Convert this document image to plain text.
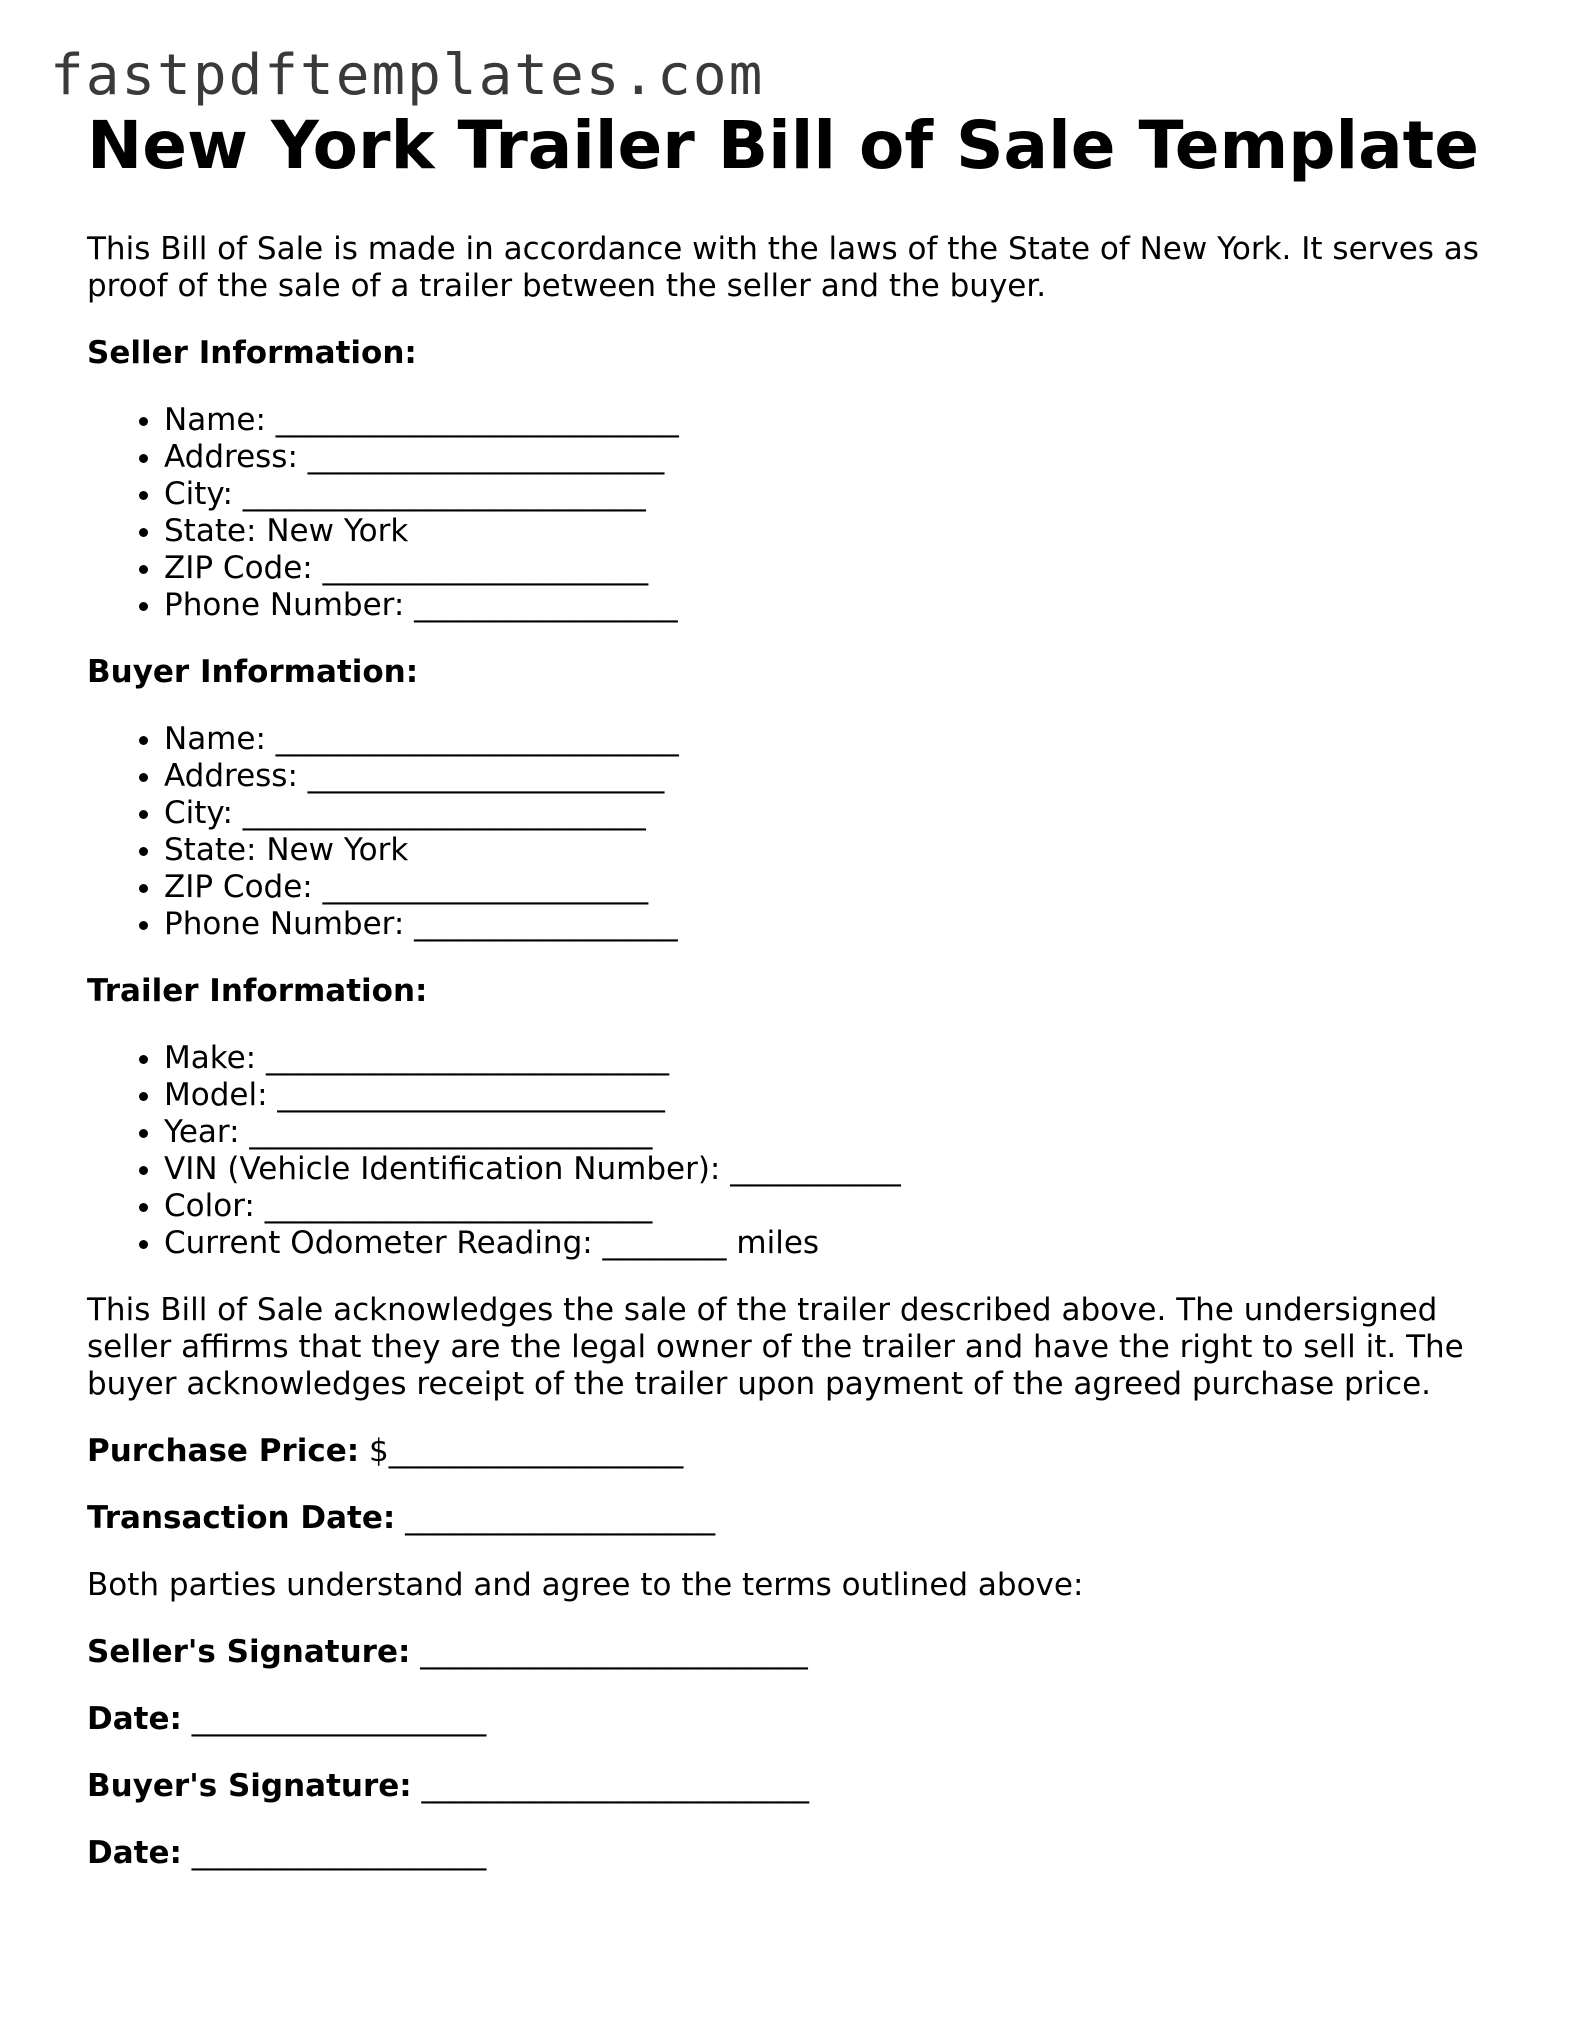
fastpdftemplates.com
New York Trailer Bill of Sale Template

This Bill of Sale is made in accordance with the laws of the State of New York. It serves as proof of the sale of a trailer between the seller and the buyer.

Seller Information:
• Name: __________________________
• Address: _______________________
• City: __________________________
• State: New York
• ZIP Code: _____________________
• Phone Number: _________________
Buyer Information:
• Name: __________________________
• Address: _______________________
• City: __________________________
• State: New York
• ZIP Code: _____________________
• Phone Number: _________________
Trailer Information:
• Make: __________________________
• Model: _________________________
• Year: __________________________
• VIN (Vehicle Identification Number): ___________
• Color: _________________________
• Current Odometer Reading: ________ miles

This Bill of Sale acknowledges the sale of the trailer described above. The undersigned seller affirms that they are the legal owner of the trailer and have the right to sell it. The buyer acknowledges receipt of the trailer upon payment of the agreed purchase price.

Purchase Price: $___________________
Transaction Date: ____________________

Both parties understand and agree to the terms outlined above:

Seller's Signature: _________________________
Date: ___________________
Buyer's Signature: _________________________
Date: ___________________
